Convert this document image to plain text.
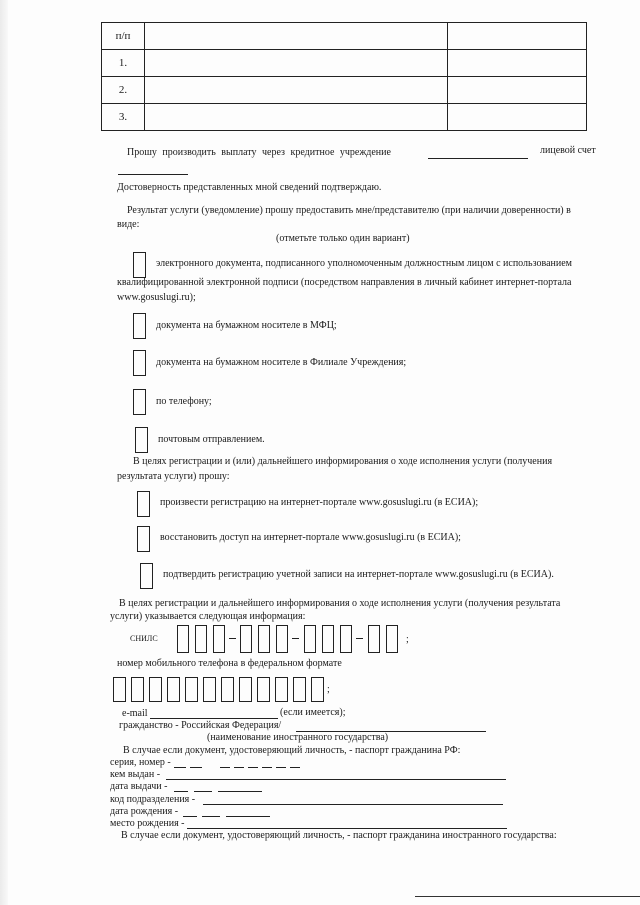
п/п		
1.		
2.		
3.		
Прошу производить выплату через кредитное учреждение	лицевой счет
Достоверность представленных мной сведений подтверждаю.
Результат услуги (уведомление) прошу предоставить мне/представителю (при наличии доверенности) в
виде:
(отметьте только один вариант)
электронного документа, подписанного уполномоченным должностным лицом с использованием
квалифицированной электронной подписи (посредством направления в личный кабинет интернет-портала
www.gosuslugi.ru);
документа на бумажном носителе в МФЦ;
документа на бумажном носителе в Филиале Учреждения;
по телефону;
почтовым отправлением.
В целях регистрации и (или) дальнейшего информирования о ходе исполнения услуги (получения
результата услуги) прошу:
произвести регистрацию на интернет-портале www.gosuslugi.ru (в ЕСИА);
восстановить доступ на интернет-портале www.gosuslugi.ru (в ЕСИА);
подтвердить регистрацию учетной записи на интернет-портале www.gosuslugi.ru (в ЕСИА).
В целях регистрации и дальнейшего информирования о ходе исполнения услуги (получения результата
услуги) указывается следующая информация:
СНИЛС	;
номер мобильного телефона в федеральном формате
;
e-mail	(если имеется);
гражданство - Российская Федерация/
(наименование иностранного государства)
В случае если документ, удостоверяющий личность, - паспорт гражданина РФ:
серия, номер -
кем выдан -
дата выдачи -
код подразделения -
дата рождения -
место рождения -
В случае если документ, удостоверяющий личность, - паспорт гражданина иностранного государства:
